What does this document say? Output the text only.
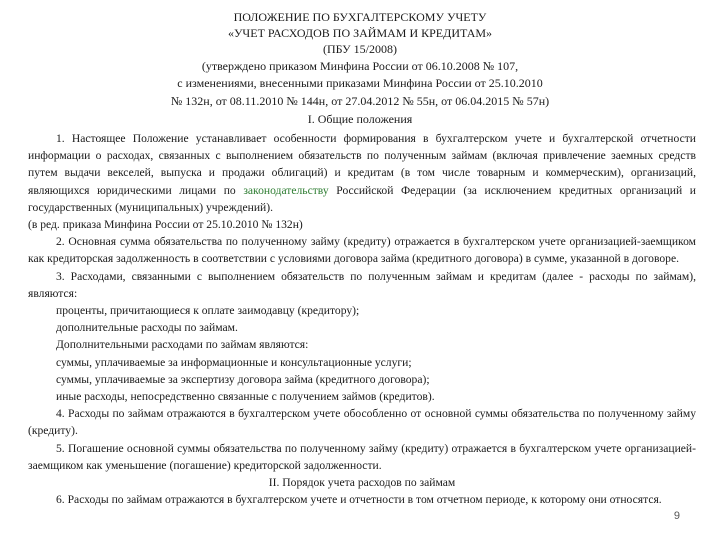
ПОЛОЖЕНИЕ ПО БУХГАЛТЕРСКОМУ УЧЕТУ

«УЧЕТ РАСХОДОВ ПО ЗАЙМАМ И КРЕДИТАМ»

(ПБУ 15/2008)

(утверждено приказом Минфина России от 06.10.2008 № 107,

с изменениями, внесенными приказами Минфина России от 25.10.2010

№ 132н, от 08.11.2010 № 144н, от 27.04.2012 № 55н, от 06.04.2015 № 57н)

I. Общие положения

1. Настоящее Положение устанавливает особенности формирования в бухгалтерском учете и бухгалтерской отчетности информации о расходах, связанных с выполнением обязательств по полученным займам (включая привлечение заемных средств путем выдачи векселей, выпуска и продажи облигаций) и кредитам (в том числе товарным и коммерческим), организаций, являющихся юридическими лицами по законодательству Российской Федерации (за исключением кредитных организаций и государственных (муниципальных) учреждений).

(в ред. приказа Минфина России от 25.10.2010 № 132н)

2. Основная сумма обязательства по полученному займу (кредиту) отражается в бухгалтерском учете организацией-заемщиком как кредиторская задолженность в соответствии с условиями договора займа (кредитного договора) в сумме, указанной в договоре.

3. Расходами, связанными с выполнением обязательств по полученным займам и кредитам (далее - расходы по займам), являются:

проценты, причитающиеся к оплате заимодавцу (кредитору);

дополнительные расходы по займам.

Дополнительными расходами по займам являются:

суммы, уплачиваемые за информационные и консультационные услуги;

суммы, уплачиваемые за экспертизу договора займа (кредитного договора);

иные расходы, непосредственно связанные с получением займов (кредитов).

4. Расходы по займам отражаются в бухгалтерском учете обособленно от основной суммы обязательства по полученному займу (кредиту).

5. Погашение основной суммы обязательства по полученному займу (кредиту) отражается в бухгалтерском учете организацией-заемщиком как уменьшение (погашение) кредиторской задолженности.

II. Порядок учета расходов по займам

6. Расходы по займам отражаются в бухгалтерском учете и отчетности в том отчетном периоде, к которому они относятся.

9
